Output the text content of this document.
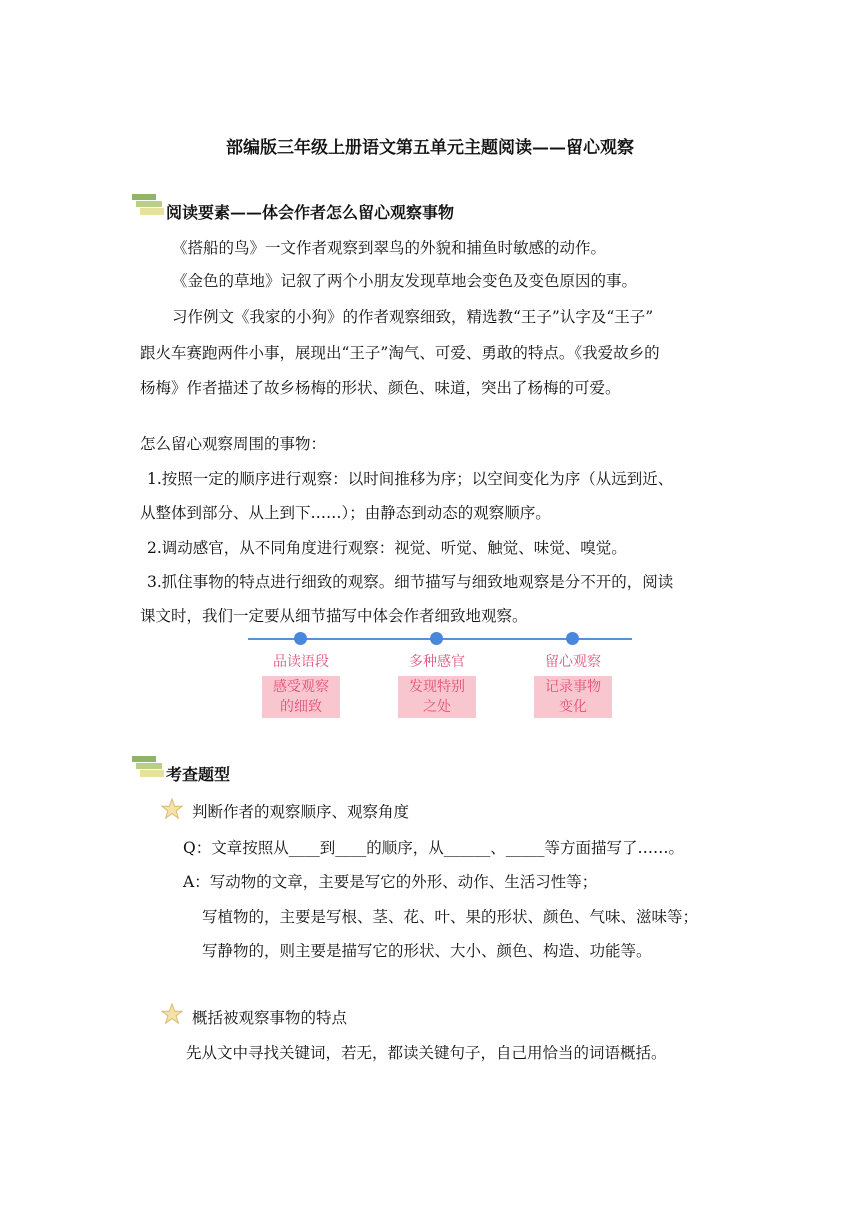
部编版三年级上册语文第五单元主题阅读——留心观察
阅读要素——体会作者怎么留心观察事物
《搭船的鸟》一文作者观察到翠鸟的外貌和捕鱼时敏感的动作。
《金色的草地》记叙了两个小朋友发现草地会变色及变色原因的事。
习作例文《我家的小狗》的作者观察细致，精选教“王子”认字及“王子”
跟火车赛跑两件小事，展现出“王子”淘气、可爱、勇敢的特点。《我爱故乡的
杨梅》作者描述了故乡杨梅的形状、颜色、味道，突出了杨梅的可爱。
怎么留心观察周围的事物：
1.按照一定的顺序进行观察：以时间推移为序；以空间变化为序（从远到近、
从整体到部分、从上到下……）；由静态到动态的观察顺序。
2.调动感官，从不同角度进行观察：视觉、听觉、触觉、味觉、嗅觉。
3.抓住事物的特点进行细致的观察。细节描写与细致地观察是分不开的，阅读
课文时，我们一定要从细节描写中体会作者细致地观察。
品读语段	多种感官	留心观察
感受观察
的细致
发现特别
之处
记录事物
变化
考查题型
判断作者的观察顺序、观察角度
Q：文章按照从____到____的顺序，从______、_____等方面描写了……。
A：写动物的文章，主要是写它的外形、动作、生活习性等；
写植物的，主要是写根、茎、花、叶、果的形状、颜色、气味、滋味等；
写静物的，则主要是描写它的形状、大小、颜色、构造、功能等。
概括被观察事物的特点
先从文中寻找关键词，若无，都读关键句子，自己用恰当的词语概括。
